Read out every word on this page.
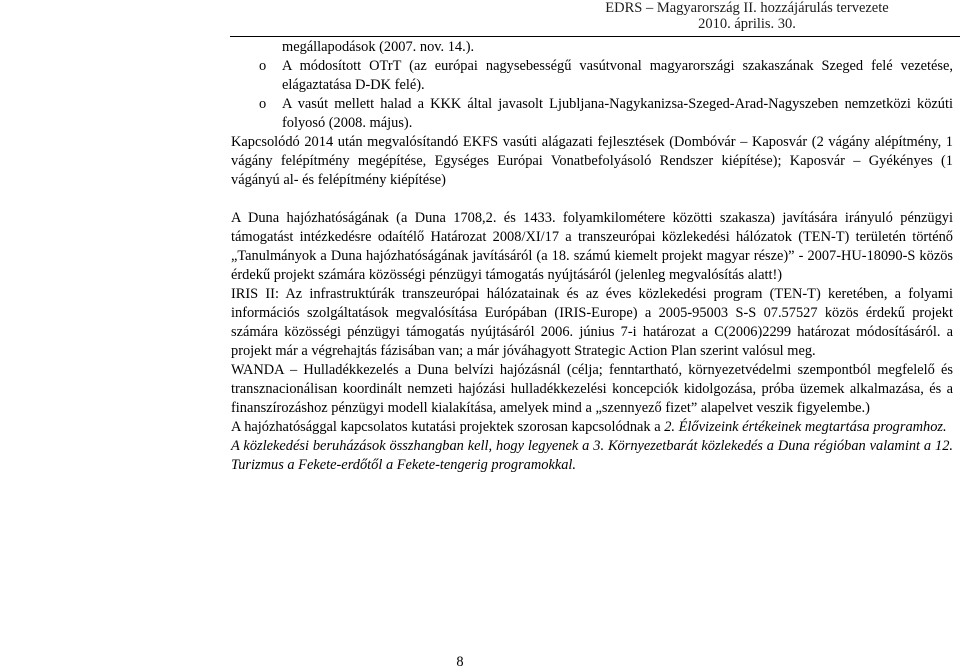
EDRS – Magyarország II. hozzájárulás tervezete
2010. április. 30.

megállapodások (2007. nov. 14.).

o A módosított OTrT (az európai nagysebességű vasútvonal magyarországi szakaszának Szeged felé vezetése, elágaztatása D-DK felé).

o A vasút mellett halad a KKK által javasolt Ljubljana-Nagykanizsa-Szeged-Arad-Nagyszeben nemzetközi közúti folyosó (2008. május).

Kapcsolódó 2014 után megvalósítandó EKFS vasúti alágazati fejlesztések (Dombóvár – Kaposvár (2 vágány alépítmény, 1 vágány felépítmény megépítése, Egységes Európai Vonatbefolyásoló Rendszer kiépítése); Kaposvár – Gyékényes (1 vágányú al- és felépítmény kiépítése)

A Duna hajózhatóságának (a Duna 1708,2. és 1433. folyamkilométere közötti szakasza) javítására irányuló pénzügyi támogatást intézkedésre odaítélő Határozat 2008/XI/17 a transzeurópai közlekedési hálózatok (TEN-T) területén történő „Tanulmányok a Duna hajózhatóságának javításáról (a 18. számú kiemelt projekt magyar része)” - 2007-HU-18090-S közös érdekű projekt számára közösségi pénzügyi támogatás nyújtásáról (jelenleg megvalósítás alatt!)

IRIS II: Az infrastruktúrák transzeurópai hálózatainak és az éves közlekedési program (TEN-T) keretében, a folyami információs szolgáltatások megvalósítása Európában (IRIS-Europe) a 2005-95003 S-S 07.57527 közös érdekű projekt számára közösségi pénzügyi támogatás nyújtásáról 2006. június 7-i határozat a C(2006)2299 határozat módosításáról. a projekt már a végrehajtás fázisában van; a már jóváhagyott Strategic Action Plan szerint valósul meg.

WANDA – Hulladékkezelés a Duna belvízi hajózásnál (célja; fenntartható, környezetvédelmi szempontból megfelelő és transznacionálisan koordinált nemzeti hajózási hulladékkezelési koncepciók kidolgozása, próba üzemek alkalmazása, és a finanszírozáshoz pénzügyi modell kialakítása, amelyek mind a „szennyező fizet” alapelvet veszik figyelembe.)

A hajózhatósággal kapcsolatos kutatási projektek szorosan kapcsolódnak a 2. Élővizeink értékeinek megtartása programhoz.

A közlekedési beruházások összhangban kell, hogy legyenek a 3. Környezetbarát közlekedés a Duna régióban valamint a 12. Turizmus a Fekete-erdőtől a Fekete-tengerig programokkal.

8
